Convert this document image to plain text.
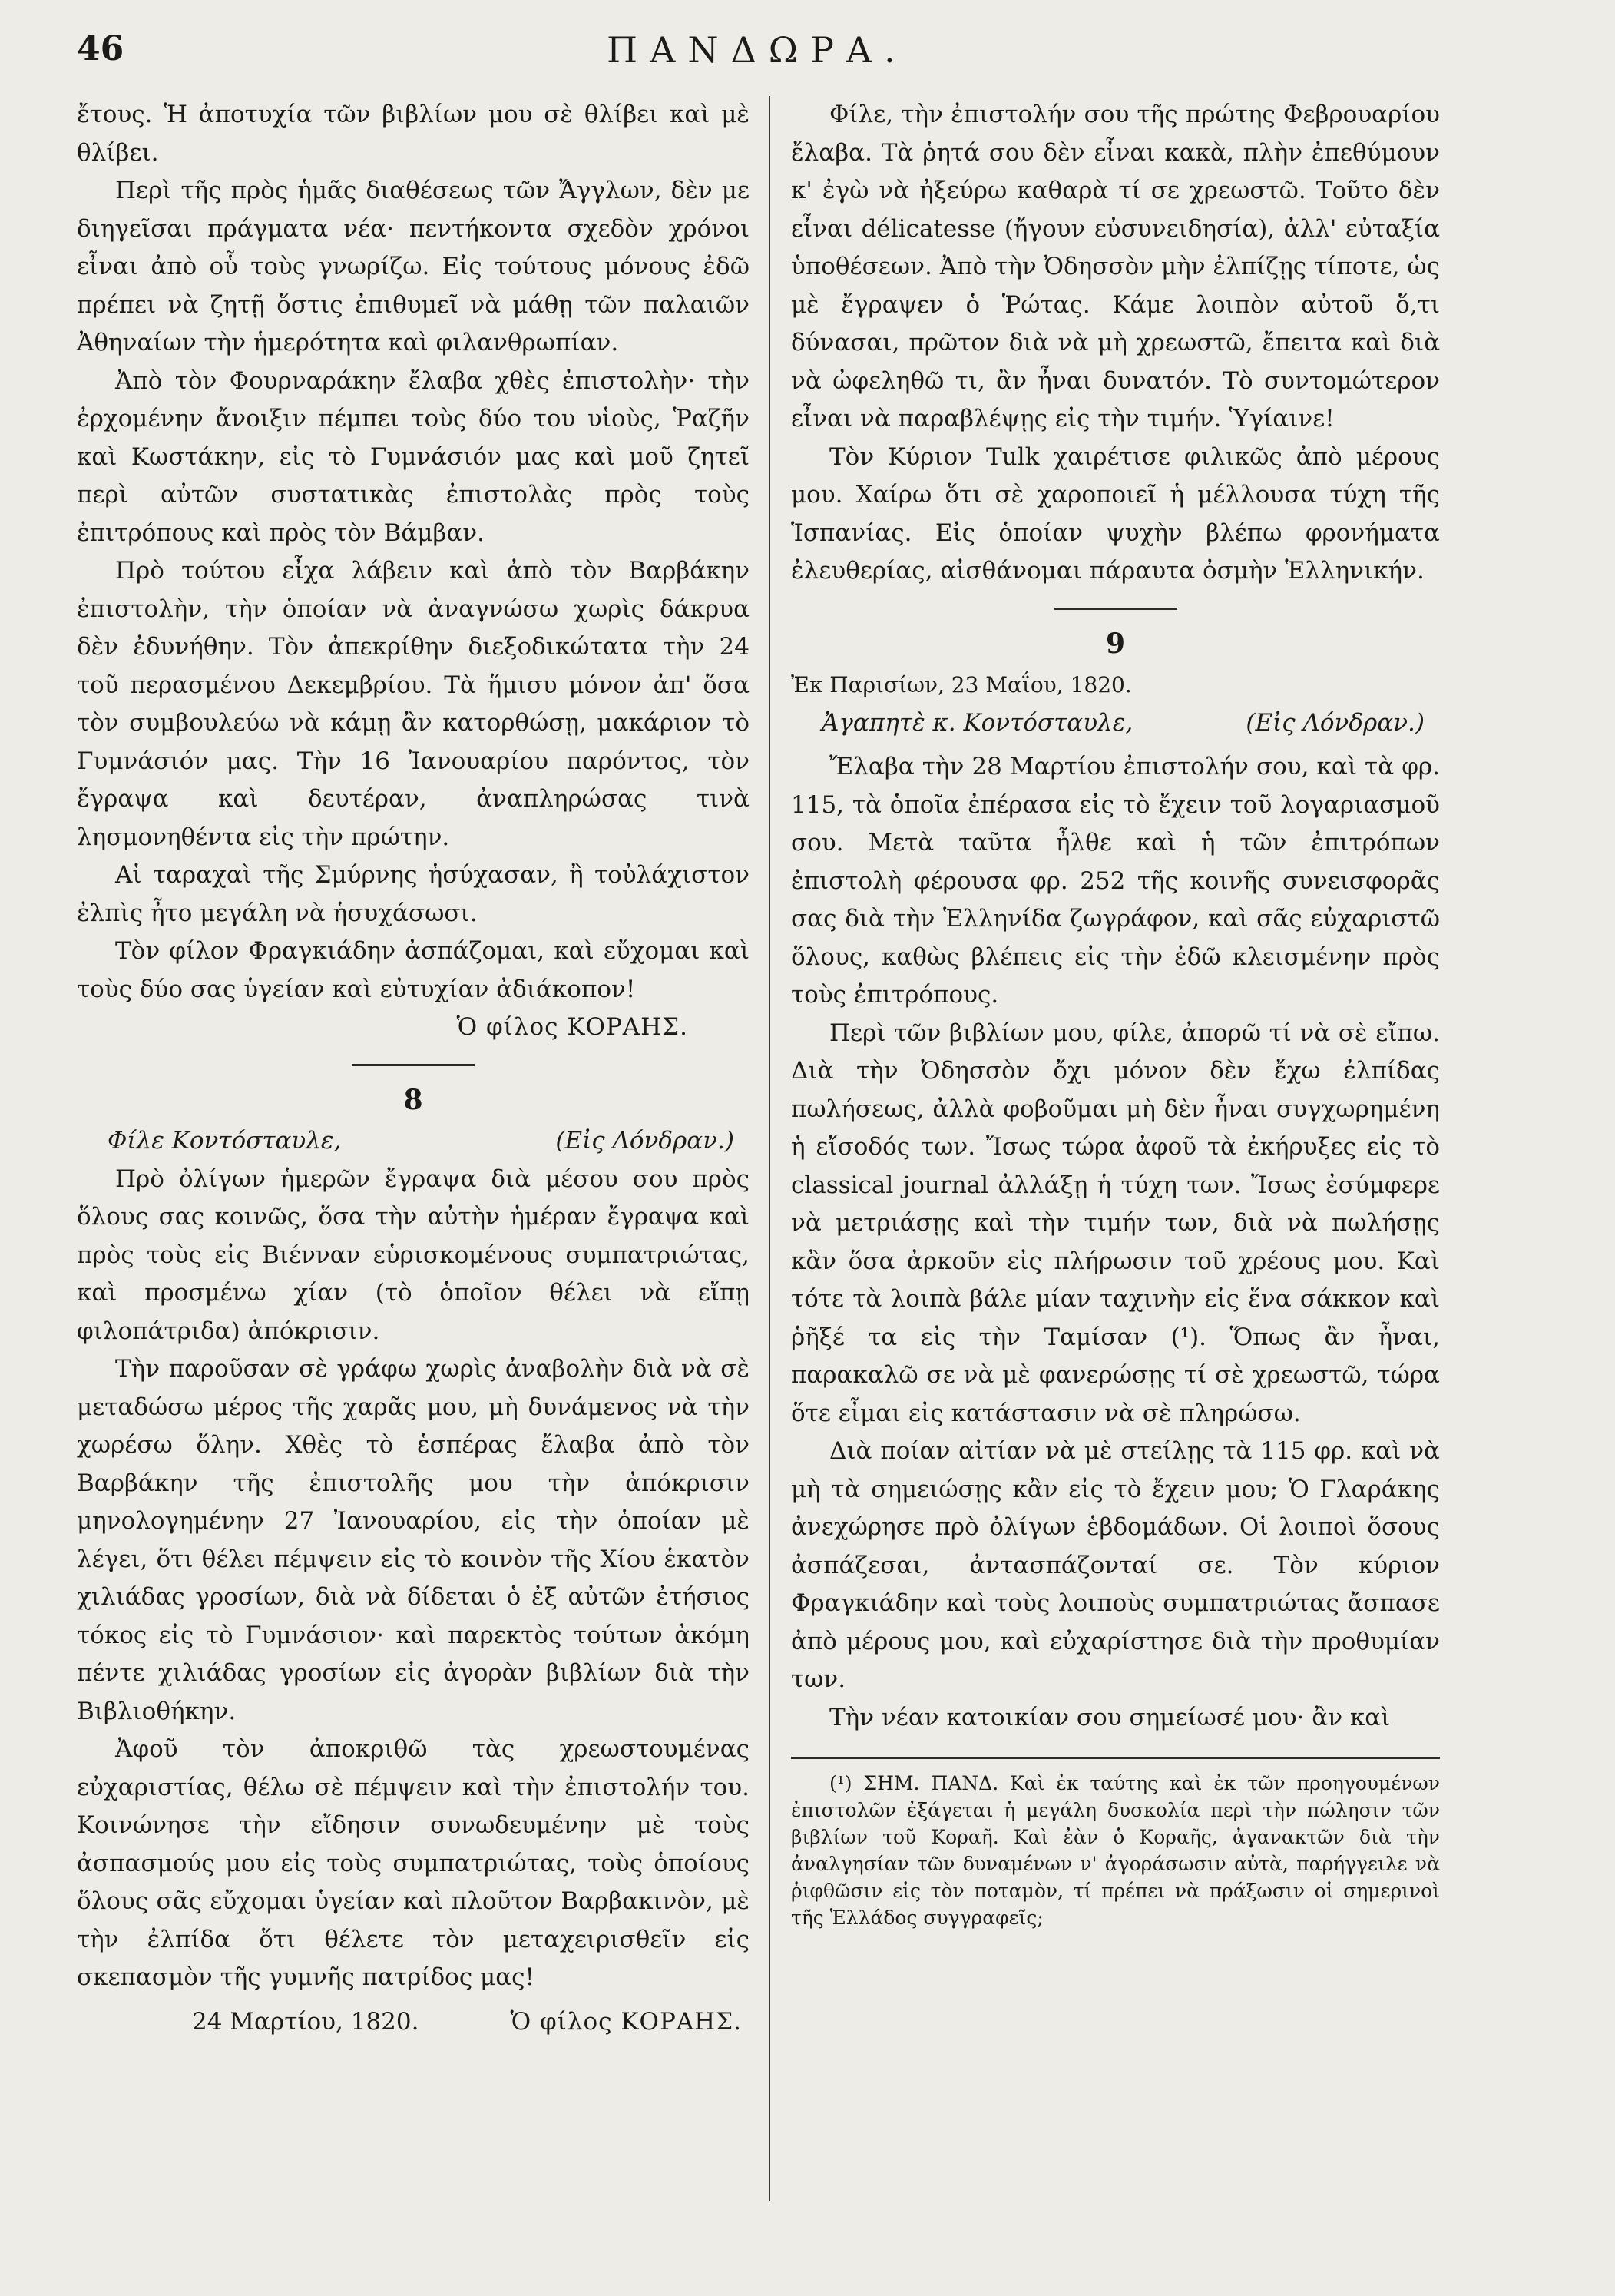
46	ΠΑΝΔΩΡΑ.

ἔτους. Ἡ ἀποτυχία τῶν βιβλίων μου σὲ θλίβει καὶ μὲ θλίβει.

Περὶ τῆς πρὸς ἡμᾶς διαθέσεως τῶν Ἄγγλων, δὲν με διηγεῖσαι πράγματα νέα· πεντήκοντα σχεδὸν χρόνοι εἶναι ἀπὸ οὗ τοὺς γνωρίζω. Εἰς τούτους μόνους ἐδῶ πρέπει νὰ ζητῇ ὅστις ἐπιθυμεῖ νὰ μάθῃ τῶν παλαιῶν Ἀθηναίων τὴν ἡμερότητα καὶ φιλανθρωπίαν.

Ἀπὸ τὸν Φουρναράκην ἔλαβα χθὲς ἐπιστολὴν· τὴν ἐρχομένην ἄνοιξιν πέμπει τοὺς δύο του υἱοὺς, Ῥαζῆν καὶ Κωστάκην, εἰς τὸ Γυμνάσιόν μας καὶ μοῦ ζητεῖ περὶ αὐτῶν συστατικὰς ἐπιστολὰς πρὸς τοὺς ἐπιτρόπους καὶ πρὸς τὸν Βάμβαν.

Πρὸ τούτου εἶχα λάβειν καὶ ἀπὸ τὸν Βαρβάκην ἐπιστολὴν, τὴν ὁποίαν νὰ ἀναγνώσω χωρὶς δάκρυα δὲν ἐδυνήθην. Τὸν ἀπεκρίθην διεξοδικώτατα τὴν 24 τοῦ περασμένου Δεκεμβρίου. Τὰ ἥμισυ μόνον ἀπ' ὅσα τὸν συμβουλεύω νὰ κάμῃ ἂν κατορθώσῃ, μακάριον τὸ Γυμνάσιόν μας. Τὴν 16 Ἰανουαρίου παρόντος, τὸν ἔγραψα καὶ δευτέραν, ἀναπληρώσας τινὰ λησμονηθέντα εἰς τὴν πρώτην.

Αἱ ταραχαὶ τῆς Σμύρνης ἡσύχασαν, ἢ τοὐλάχιστον ἐλπὶς ἦτο μεγάλη νὰ ἡσυχάσωσι.

Τὸν φίλον Φραγκιάδην ἀσπάζομαι, καὶ εὔχομαι καὶ τοὺς δύο σας ὑγείαν καὶ εὐτυχίαν ἀδιάκοπον!

Ὁ φίλος ΚΟΡΑΗΣ.

8
Φίλε Κοντόσταυλε,	(Εἰς Λόνδραν.)

Πρὸ ὀλίγων ἡμερῶν ἔγραψα διὰ μέσου σου πρὸς ὅλους σας κοινῶς, ὅσα τὴν αὐτὴν ἡμέραν ἔγραψα καὶ πρὸς τοὺς εἰς Βιένναν εὑρισκομένους συμπατριώτας, καὶ προσμένω χίαν (τὸ ὁποῖον θέλει νὰ εἴπῃ φιλοπάτριδα) ἀπόκρισιν.

Τὴν παροῦσαν σὲ γράφω χωρὶς ἀναβολὴν διὰ νὰ σὲ μεταδώσω μέρος τῆς χαρᾶς μου, μὴ δυνάμενος νὰ τὴν χωρέσω ὅλην. Χθὲς τὸ ἑσπέρας ἔλαβα ἀπὸ τὸν Βαρβάκην τῆς ἐπιστολῆς μου τὴν ἀπόκρισιν μηνολογημένην 27 Ἰανουαρίου, εἰς τὴν ὁποίαν μὲ λέγει, ὅτι θέλει πέμψειν εἰς τὸ κοινὸν τῆς Χίου ἑκατὸν χιλιάδας γροσίων, διὰ νὰ δίδεται ὁ ἐξ αὐτῶν ἐτήσιος τόκος εἰς τὸ Γυμνάσιον· καὶ παρεκτὸς τούτων ἀκόμη πέντε χιλιάδας γροσίων εἰς ἀγορὰν βιβλίων διὰ τὴν Βιβλιοθήκην.

Ἀφοῦ τὸν ἀποκριθῶ τὰς χρεωστουμένας εὐχαριστίας, θέλω σὲ πέμψειν καὶ τὴν ἐπιστολήν του. Κοινώνησε τὴν εἴδησιν συνωδευμένην μὲ τοὺς ἀσπασμούς μου εἰς τοὺς συμπατριώτας, τοὺς ὁποίους ὅλους σᾶς εὔχομαι ὑγείαν καὶ πλοῦτον Βαρβακινὸν, μὲ τὴν ἐλπίδα ὅτι θέλετε τὸν μεταχειρισθεῖν εἰς σκεπασμὸν τῆς γυμνῆς πατρίδος μας!

24 Μαρτίου, 1820.	Ὁ φίλος ΚΟΡΑΗΣ.

Φίλε, τὴν ἐπιστολήν σου τῆς πρώτης Φεβρουαρίου ἔλαβα. Τὰ ῥητά σου δὲν εἶναι κακὰ, πλὴν ἐπεθύμουν κ' ἐγὼ νὰ ἠξεύρω καθαρὰ τί σε χρεωστῶ. Τοῦτο δὲν εἶναι délicatesse (ἤγουν εὐσυνειδησία), ἀλλ' εὐταξία ὑποθέσεων. Ἀπὸ τὴν Ὀδησσὸν μὴν ἐλπίζῃς τίποτε, ὡς μὲ ἔγραψεν ὁ Ῥώτας. Κάμε λοιπὸν αὐτοῦ ὅ,τι δύνασαι, πρῶτον διὰ νὰ μὴ χρεωστῶ, ἔπειτα καὶ διὰ νὰ ὠφεληθῶ τι, ἂν ἦναι δυνατόν. Τὸ συντομώτερον εἶναι νὰ παραβλέψῃς εἰς τὴν τιμήν. Ὑγίαινε!

Τὸν Κύριον Tulk χαιρέτισε φιλικῶς ἀπὸ μέρους μου. Χαίρω ὅτι σὲ χαροποιεῖ ἡ μέλλουσα τύχη τῆς Ἱσπανίας. Εἰς ὁποίαν ψυχὴν βλέπω φρονήματα ἐλευθερίας, αἰσθάνομαι πάραυτα ὀσμὴν Ἑλληνικήν.

9

Ἐκ Παρισίων, 23 Μαΐου, 1820.

Ἀγαπητὲ κ. Κοντόσταυλε,	(Εἰς Λόνδραν.)

Ἔλαβα τὴν 28 Μαρτίου ἐπιστολήν σου, καὶ τὰ φρ. 115, τὰ ὁποῖα ἐπέρασα εἰς τὸ ἔχειν τοῦ λογαριασμοῦ σου. Μετὰ ταῦτα ἦλθε καὶ ἡ τῶν ἐπιτρόπων ἐπιστολὴ φέρουσα φρ. 252 τῆς κοινῆς συνεισφορᾶς σας διὰ τὴν Ἑλληνίδα ζωγράφον, καὶ σᾶς εὐχαριστῶ ὅλους, καθὼς βλέπεις εἰς τὴν ἐδῶ κλεισμένην πρὸς τοὺς ἐπιτρόπους.

Περὶ τῶν βιβλίων μου, φίλε, ἀπορῶ τί νὰ σὲ εἴπω. Διὰ τὴν Ὀδησσὸν ὄχι μόνον δὲν ἔχω ἐλπίδας πωλήσεως, ἀλλὰ φοβοῦμαι μὴ δὲν ἦναι συγχωρημένη ἡ εἴσοδός των. Ἴσως τώρα ἀφοῦ τὰ ἐκήρυξες εἰς τὸ classical journal ἀλλάξῃ ἡ τύχη των. Ἴσως ἐσύμφερε νὰ μετριάσῃς καὶ τὴν τιμήν των, διὰ νὰ πωλήσῃς κἂν ὅσα ἀρκοῦν εἰς πλήρωσιν τοῦ χρέους μου. Καὶ τότε τὰ λοιπὰ βάλε μίαν ταχινὴν εἰς ἕνα σάκκον καὶ ῥῆξέ τα εἰς τὴν Ταμίσαν (¹). Ὅπως ἂν ἦναι, παρακαλῶ σε νὰ μὲ φανερώσῃς τί σὲ χρεωστῶ, τώρα ὅτε εἶμαι εἰς κατάστασιν νὰ σὲ πληρώσω.

Διὰ ποίαν αἰτίαν νὰ μὲ στείλῃς τὰ 115 φρ. καὶ νὰ μὴ τὰ σημειώσῃς κἂν εἰς τὸ ἔχειν μου; Ὁ Γλαράκης ἀνεχώρησε πρὸ ὀλίγων ἑβδομάδων. Οἱ λοιποὶ ὅσους ἀσπάζεσαι, ἀντασπάζονταί σε. Τὸν κύριον Φραγκιάδην καὶ τοὺς λοιποὺς συμπατριώτας ἄσπασε ἀπὸ μέρους μου, καὶ εὐχαρίστησε διὰ τὴν προθυμίαν των.

Τὴν νέαν κατοικίαν σου σημείωσέ μου· ἂν καὶ

(¹) ΣΗΜ. ΠΑΝΔ. Καὶ ἐκ ταύτης καὶ ἐκ τῶν προηγουμένων ἐπιστολῶν ἐξάγεται ἡ μεγάλη δυσκολία περὶ τὴν πώλησιν τῶν βιβλίων τοῦ Κοραῆ. Καὶ ἐὰν ὁ Κοραῆς, ἀγανακτῶν διὰ τὴν ἀναλγησίαν τῶν δυναμένων ν' ἀγοράσωσιν αὐτὰ, παρήγγειλε νὰ ῥιφθῶσιν εἰς τὸν ποταμὸν, τί πρέπει νὰ πράξωσιν οἱ σημερινοὶ τῆς Ἑλλάδος συγγραφεῖς;
